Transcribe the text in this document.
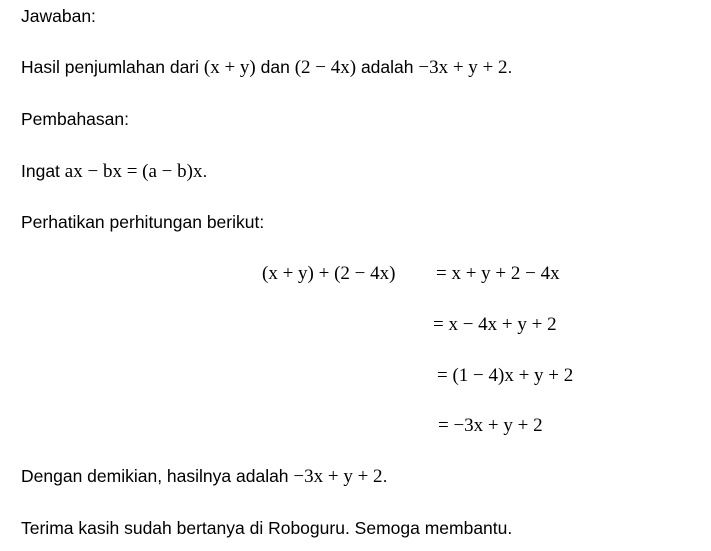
Jawaban:
Hasil penjumlahan dari (x + y) dan (2 − 4x) adalah −3x + y + 2.
Pembahasan:
Ingat ax − bx = (a − b)x.
Perhatikan perhitungan berikut:
(x + y) + (2 − 4x) = x + y + 2 − 4x
= x − 4x + y + 2
= (1 − 4)x + y + 2
= −3x + y + 2
Dengan demikian, hasilnya adalah −3x + y + 2.
Terima kasih sudah bertanya di Roboguru. Semoga membantu.
